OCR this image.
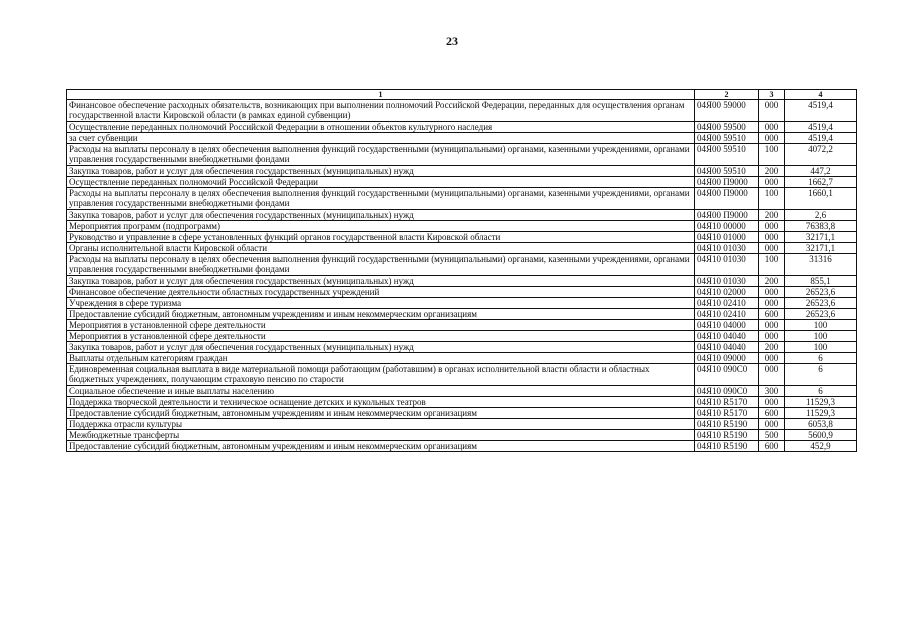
23
1	2	3	4
Финансовое обеспечение расходных обязательств, возникающих при выполнении полномочий Российской Федерации, переданных для осуществления органам государственной власти Кировской области (в рамках единой субвенции)	04Я00 59000	000	4519,4
Осуществление переданных полномочий Российской Федерации в отношении объектов культурного наследия	04Я00 59500	000	4519,4
за счет субвенции	04Я00 59510	000	4519,4
Расходы на выплаты персоналу в целях обеспечения выполнения функций государственными (муниципальными) органами, казенными учреждениями, органами управления государственными внебюджетными фондами	04Я00 59510	100	4072,2
Закупка товаров, работ и услуг для обеспечения государственных (муниципальных) нужд	04Я00 59510	200	447,2
Осуществление переданных полномочий Российской Федерации	04Я00 П9000	000	1662,7
Расходы на выплаты персоналу в целях обеспечения выполнения функций государственными (муниципальными) органами, казенными учреждениями, органами управления государственными внебюджетными фондами	04Я00 П9000	100	1660,1
Закупка товаров, работ и услуг для обеспечения государственных (муниципальных) нужд	04Я00 П9000	200	2,6
Мероприятия программ (подпрограмм)	04Я10 00000	000	76383,8
Руководство и управление в сфере установленных функций органов государственной власти Кировской области	04Я10 01000	000	32171,1
Органы исполнительной власти Кировской области	04Я10 01030	000	32171,1
Расходы на выплаты персоналу в целях обеспечения выполнения функций государственными (муниципальными) органами, казенными учреждениями, органами управления государственными внебюджетными фондами	04Я10 01030	100	31316
Закупка товаров, работ и услуг для обеспечения государственных (муниципальных) нужд	04Я10 01030	200	855,1
Финансовое обеспечение деятельности областных государственных учреждений	04Я10 02000	000	26523,6
Учреждения в сфере туризма	04Я10 02410	000	26523,6
Предоставление субсидий бюджетным, автономным учреждениям и иным некоммерческим организациям	04Я10 02410	600	26523,6
Мероприятия в установленной сфере деятельности	04Я10 04000	000	100
Мероприятия в установленной сфере деятельности	04Я10 04040	000	100
Закупка товаров, работ и услуг для обеспечения государственных (муниципальных) нужд	04Я10 04040	200	100
Выплаты отдельным категориям граждан	04Я10 09000	000	6
Единовременная социальная выплата в виде материальной помощи работающим (работавшим) в органах исполнительной власти области и областных бюджетных учреждениях, получающим страховую пенсию по старости	04Я10 090С0	000	6
Социальное обеспечение и иные выплаты населению	04Я10 090С0	300	6
Поддержка творческой деятельности и техническое оснащение детских и кукольных театров	04Я10 R5170	000	11529,3
Предоставление субсидий бюджетным, автономным учреждениям и иным некоммерческим организациям	04Я10 R5170	600	11529,3
Поддержка отрасли культуры	04Я10 R5190	000	6053,8
Межбюджетные трансферты	04Я10 R5190	500	5600,9
Предоставление субсидий бюджетным, автономным учреждениям и иным некоммерческим организациям	04Я10 R5190	600	452,9
